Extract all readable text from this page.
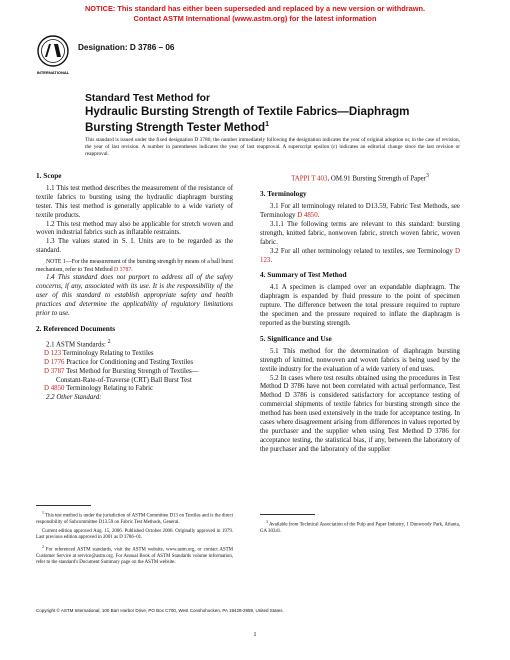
NOTICE: This standard has either been superseded and replaced by a new version or withdrawn.
Contact ASTM International (www.astm.org) for the latest information
INTERNATIONAL
Designation: D 3786 – 06
Standard Test Method for
Hydraulic Bursting Strength of Textile Fabrics—Diaphragm
Bursting Strength Tester Method$^1$
This standard is issued under the fixed designation D 3786; the number immediately following the designation indicates the year of original adoption or, in the case of revision, the year of last revision. A number in parentheses indicates the year of last reapproval. A superscript epsilon (ε) indicates an editorial change since the last revision or reapproval.
1. Scope

1.1 This test method describes the measurement of the resistance of textile fabrics to bursting using the hydraulic diaphragm bursting tester. This test method is generally applicable to a wide variety of textile products.

1.2 This test method may also be applicable for stretch woven and woven industrial fabrics such as inflatable restraints.

1.3 The values stated in S. I. Units are to be regarded as the standard.

NOTE 1—For the measurement of the bursting strength by means of a ball burst mechanism, refer to Test Method D 3787.

1.4 This standard does not purport to address all of the safety concerns, if any, associated with its use. It is the responsibility of the user of this standard to establish appropriate safety and health practices and determine the applicability of regulatory limitations prior to use.

2. Referenced Documents

2.1 ASTM Standards: $^2$

D 123 Terminology Relating to Textiles

D 1776 Practice for Conditioning and Testing Textiles

D 3787 Test Method for Bursting Strength of Textiles—

Constant-Rate-of-Traverse (CRT) Ball Burst Test

D 4850 Terminology Relating to Fabric

2.2 Other Standard:

TAPPI T 403, OM.91 Bursting Strength of Paper$^3$

3. Terminology

3.1 For all terminology related to D13.59, Fabric Test Methods, see Terminology D 4850.

3.1.1 The following terms are relevant to this standard: bursting strength, knitted fabric, nonwoven fabric, stretch woven fabric, woven fabric.

3.2 For all other terminology related to textiles, see Terminology D 123.

4. Summary of Test Method

4.1 A specimen is clamped over an expandable diaphragm. The diaphragm is expanded by fluid pressure to the point of specimen rupture. The difference between the total pressure required to rupture the specimen and the pressure required to inflate the diaphragm is reported as the bursting strength.

5. Significance and Use

5.1 This method for the determination of diaphragm bursting strength of knitted, nonwoven and woven fabrics is being used by the textile industry for the evaluation of a wide variety of end uses.

5.2 In cases where test results obtained using the procedures in Test Method D 3786 have not been correlated with actual performance, Test Method D 3786 is considered satisfactory for acceptance testing of commercial shipments of textile fabrics for bursting strength since the method has been used extensively in the trade for acceptance testing. In cases where disagreement arising from differences in values reported by the purchaser and the supplier when using Test Method D 3786 for acceptance testing, the statistical bias, if any, between the laboratory of the purchaser and the laboratory of the supplier

$^1$ This test method is under the jurisdiction of ASTM Committee D13 on Textiles and is the direct responsibility of Subcommittee D13.59 on Fabric Test Methods, General.

Current edition approved Aug. 15, 2006. Published October 2006. Originally approved in 1979. Last previous edition approved in 2001 as D 3786–01.

$^2$ For referenced ASTM standards, visit the ASTM website, www.astm.org, or contact ASTM Customer Service at service@astm.org. For Annual Book of ASTM Standards volume information, refer to the standard's Document Summary page on the ASTM website.

$^3$ Available from Technical Association of the Pulp and Paper Industry, 1 Dunwoody Park, Atlanta, GA 30341.

Copyright © ASTM International, 100 Barr Harbor Drive, PO Box C700, West Conshohocken, PA 19428-2959, United States.
1
